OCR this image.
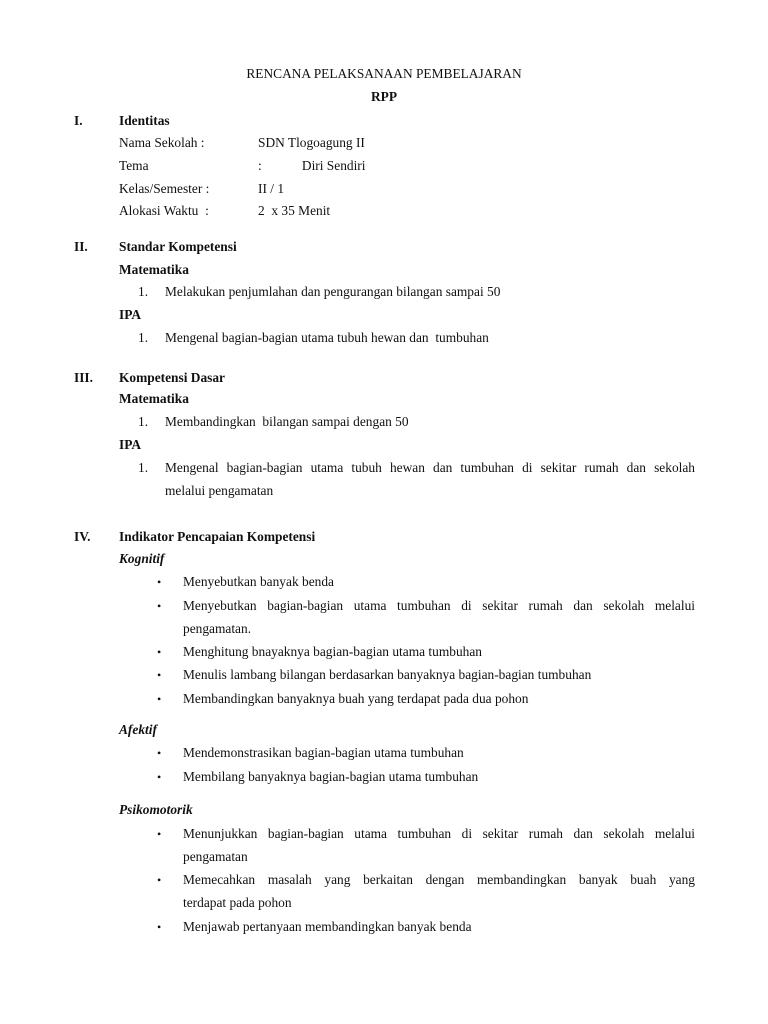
RENCANA PELAKSANAAN PEMBELAJARAN
RPP
I.	Identitas
Nama Sekolah :	SDN Tlogoagung II
Tema	:            Diri Sendiri
Kelas/Semester :	II / 1
Alokasi Waktu  :	2  x 35 Menit
II. Standar Kompetensi
Matematika
1. Melakukan penjumlahan dan pengurangan bilangan sampai 50
IPA
1. Mengenal bagian-bagian utama tubuh hewan dan  tumbuhan
III. Kompetensi Dasar
Matematika
1. Membandingkan  bilangan sampai dengan 50
IPA
1. Mengenal bagian-bagian utama tubuh hewan dan tumbuhan di sekitar rumah dan sekolah
melalui pengamatan
IV. Indikator Pencapaian Kompetensi
Kognitif
• Menyebutkan banyak benda
• Menyebutkan bagian-bagian utama tumbuhan di sekitar rumah dan sekolah melalui
pengamatan.
• Menghitung bnayaknya bagian-bagian utama tumbuhan
• Menulis lambang bilangan berdasarkan banyaknya bagian-bagian tumbuhan
• Membandingkan banyaknya buah yang terdapat pada dua pohon
Afektif
• Mendemonstrasikan bagian-bagian utama tumbuhan
• Membilang banyaknya bagian-bagian utama tumbuhan
Psikomotorik
• Menunjukkan bagian-bagian utama tumbuhan di sekitar rumah dan sekolah melalui
pengamatan
• Memecahkan masalah yang berkaitan dengan membandingkan banyak buah yang
terdapat pada pohon
• Menjawab pertanyaan membandingkan banyak benda
